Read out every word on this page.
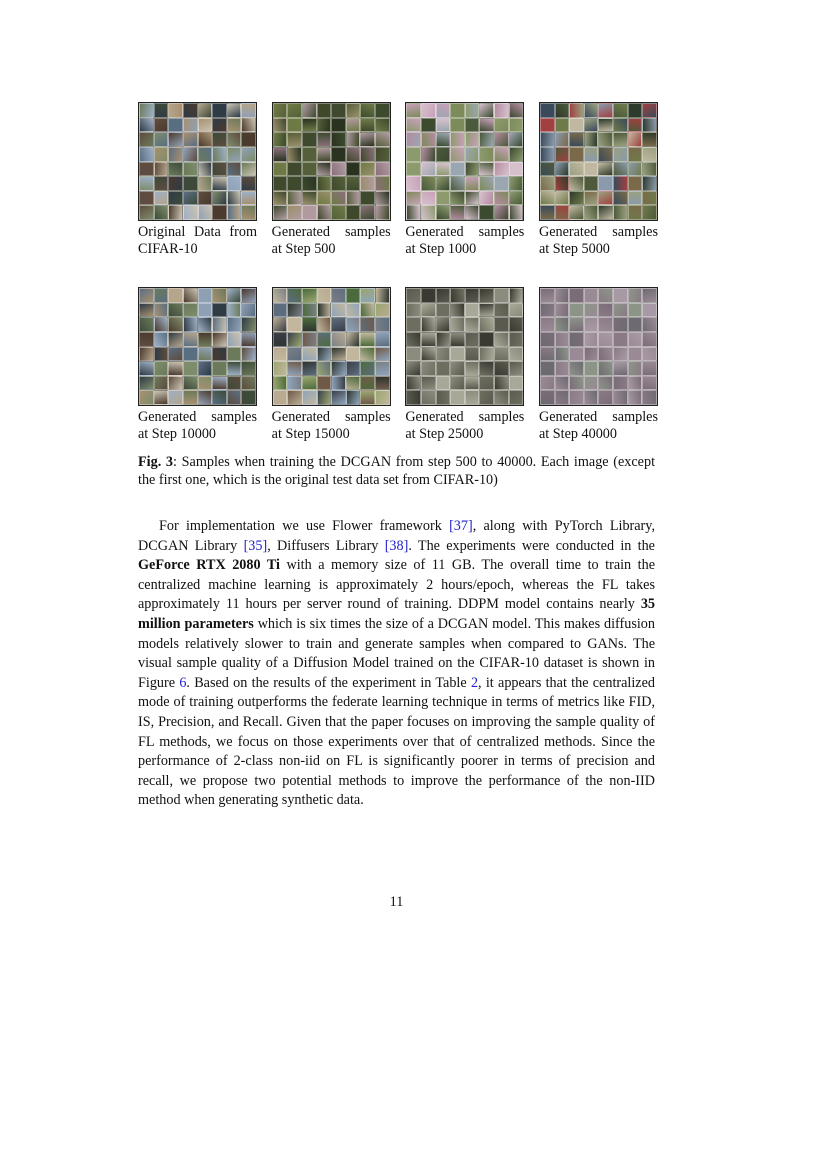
Original Data from
CIFAR-10
Generated samples
at Step 500
Generated samples
at Step 1000
Generated samples
at Step 5000
Generated samples
at Step 10000
Generated samples
at Step 15000
Generated samples
at Step 25000
Generated samples
at Step 40000
Fig. 3: Samples when training the DCGAN from step 500 to 40000. Each image (except the first one, which is the original test data set from CIFAR-10)

For implementation we use Flower framework [37], along with PyTorch Library, DCGAN Library [35], Diffusers Library [38]. The experiments were conducted in the GeForce RTX 2080 Ti with a memory size of 11 GB. The overall time to train the centralized machine learning is approximately 2 hours/epoch, whereas the FL takes approximately 11 hours per server round of training. DDPM model contains nearly 35 million parameters which is six times the size of a DCGAN model. This makes diffusion models relatively slower to train and generate samples when compared to GANs. The visual sample quality of a Diffusion Model trained on the CIFAR-10 dataset is shown in Figure 6. Based on the results of the experiment in Table 2, it appears that the centralized mode of training outperforms the federate learning technique in terms of metrics like FID, IS, Precision, and Recall. Given that the paper focuses on improving the sample quality of FL methods, we focus on those experiments over that of centralized methods. Since the performance of 2-class non-iid on FL is significantly poorer in terms of precision and recall, we propose two potential methods to improve the performance of the non-IID method when generating synthetic data.

11
